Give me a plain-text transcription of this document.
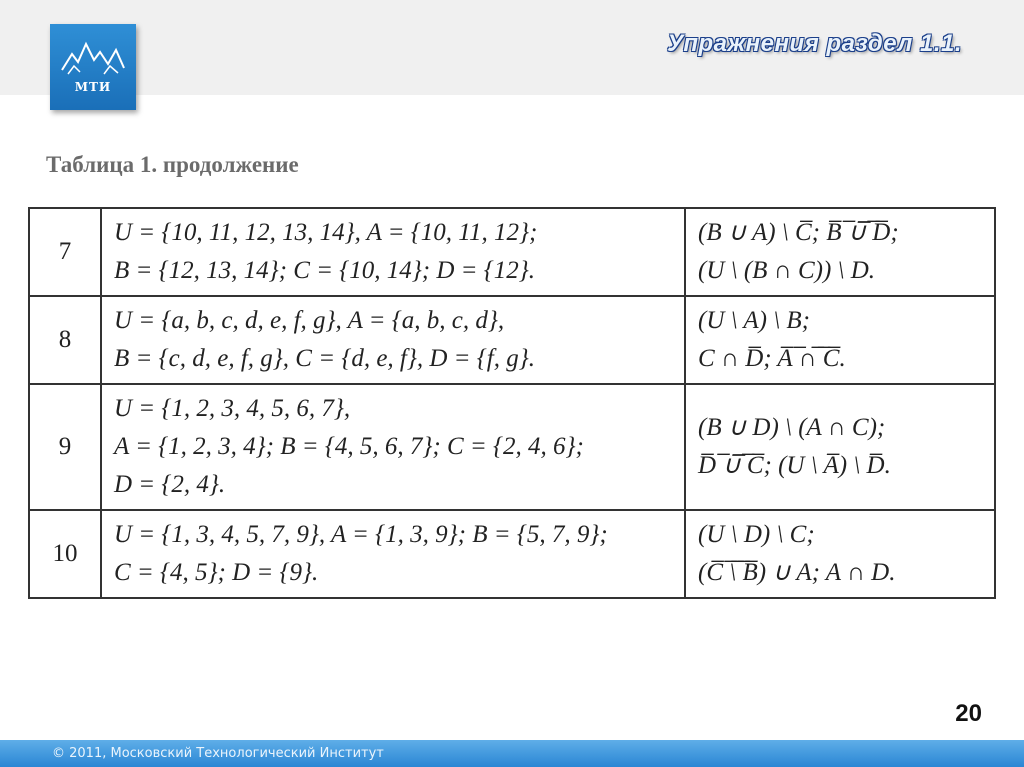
МТИ
Упражнения раздел 1.1.
Таблица 1. продолжение
7	U = {10, 11, 12, 13, 14}, A = {10, 11, 12};
B = {12, 13, 14}; C = {10, 14}; D = {12}.	(B ∪ A) \ C̅; B̅ ̅∪̅ ̅D̅;
(U \ (B ∩ C)) \ D.

8	U = {a, b, c, d, e, f, g}, A = {a, b, c, d},
B = {c, d, e, f, g}, C = {d, e, f}, D = {f, g}.	(U \ A) \ B;
C ∩ D̅; A̅ ̅∩̅ ̅C̅.

9	U = {1, 2, 3, 4, 5, 6, 7},
A = {1, 2, 3, 4}; B = {4, 5, 6, 7}; C = {2, 4, 6};
D = {2, 4}.	(B ∪ D) \ (A ∩ C);
D̅ ̅∪̅ ̅C̅; (U \ A̅) \ D̅.

10	U = {1, 3, 4, 5, 7, 9}, A = {1, 3, 9}; B = {5, 7, 9};
C = {4, 5}; D = {9}.	(U \ D) \ C;
(C̅ ̅\̅ ̅B̅) ∪ A; A ∩ D.
20
© 2011, Московский Технологический Институт
